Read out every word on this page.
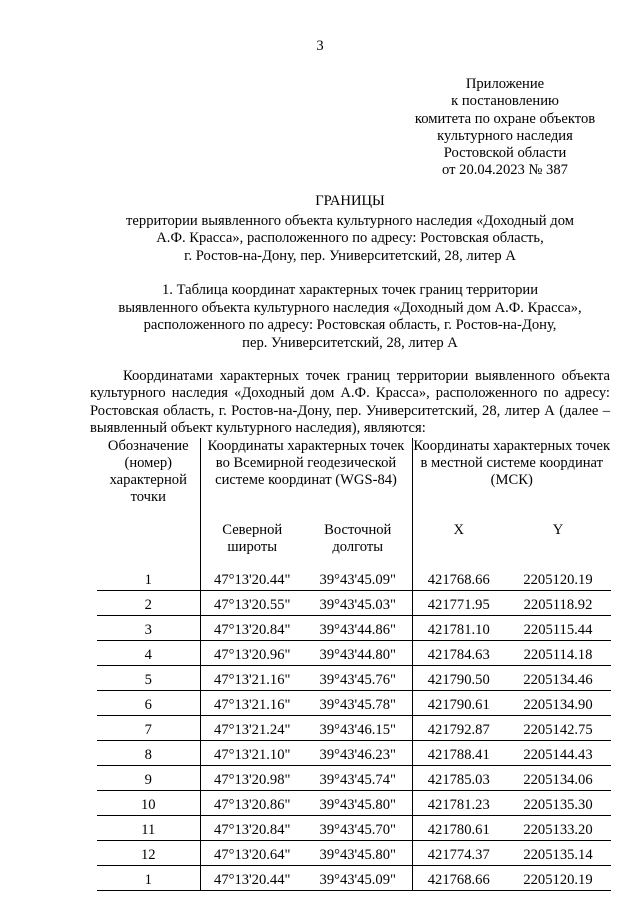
3
Приложение
к постановлению
комитета по охране объектов
культурного наследия
Ростовской области
от 20.04.2023 № 387
ГРАНИЦЫ
территории выявленного объекта культурного наследия «Доходный дом
А.Ф. Красса», расположенного по адресу: Ростовская область,
г. Ростов-на-Дону, пер. Университетский, 28, литер А
1. Таблица координат характерных точек границ территории
выявленного объекта культурного наследия «Доходный дом А.Ф. Красса»,
расположенного по адресу: Ростовская область, г. Ростов-на-Дону,
пер. Университетский, 28, литер А

Координатами характерных точек границ территории выявленного объекта культурного наследия «Доходный дом А.Ф. Красса», расположенного по адресу: Ростовская область, г. Ростов-на-Дону, пер. Университетский, 28, литер А (далее – выявленный объект культурного наследия), являются:

Обозначение (номер) характерной точки	Координаты характерных точек во Всемирной геодезической системе координат (WGS-84)		Координаты характерных точек в местной системе координат (МСК)	
	Северной широты	Восточной долготы	X	Y
1	47°13'20.44"	39°43'45.09"	421768.66	2205120.19
2	47°13'20.55"	39°43'45.03"	421771.95	2205118.92
3	47°13'20.84"	39°43'44.86"	421781.10	2205115.44
4	47°13'20.96"	39°43'44.80"	421784.63	2205114.18
5	47°13'21.16"	39°43'45.76"	421790.50	2205134.46
6	47°13'21.16"	39°43'45.78"	421790.61	2205134.90
7	47°13'21.24"	39°43'46.15"	421792.87	2205142.75
8	47°13'21.10"	39°43'46.23"	421788.41	2205144.43
9	47°13'20.98"	39°43'45.74"	421785.03	2205134.06
10	47°13'20.86"	39°43'45.80"	421781.23	2205135.30
11	47°13'20.84"	39°43'45.70"	421780.61	2205133.20
12	47°13'20.64"	39°43'45.80"	421774.37	2205135.14
1	47°13'20.44"	39°43'45.09"	421768.66	2205120.19
